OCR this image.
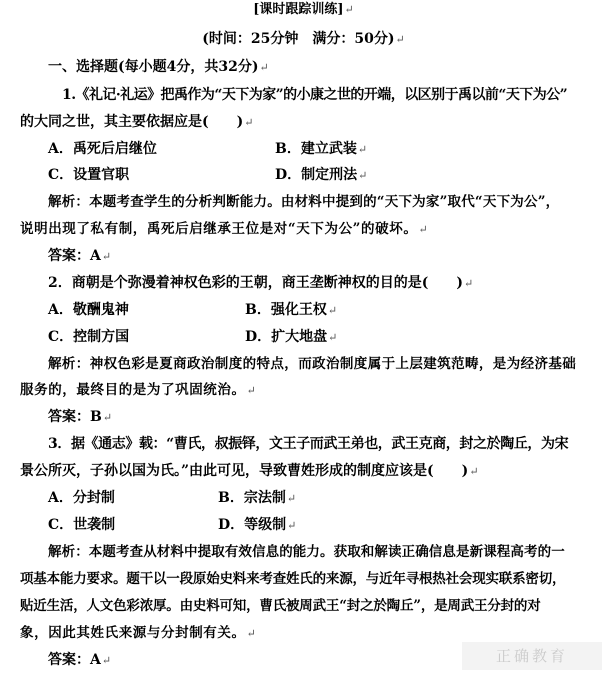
[课时跟踪训练]↵
(时间：25分钟　满分：50分)↵
一、选择题(每小题4分，共32分)↵
1.《礼记·礼运》把禹作为“天下为家”的小康之世的开端，以区别于禹以前“天下为公”
的大同之世，其主要依据应是(　　)↵
A．禹死后启继位	B．建立武装↵
C．设置官职	D．制定刑法↵
解析：本题考查学生的分析判断能力。由材料中提到的“天下为家”取代“天下为公”，
说明出现了私有制，禹死后启继承王位是对“天下为公”的破坏。↵
答案：A↵
2．商朝是个弥漫着神权色彩的王朝，商王垄断神权的目的是(　　)↵
A．敬酬鬼神	B．强化王权↵
C．控制方国	D．扩大地盘↵
解析：神权色彩是夏商政治制度的特点，而政治制度属于上层建筑范畴，是为经济基础
服务的，最终目的是为了巩固统治。↵
答案：B↵
3．据《通志》载：“曹氏，叔振铎，文王子而武王弟也，武王克商，封之於陶丘，为宋
景公所灭，子孙以国为氏。”由此可见，导致曹姓形成的制度应该是(　　)↵
A．分封制	B．宗法制↵
C．世袭制	D．等级制↵
解析：本题考查从材料中提取有效信息的能力。获取和解读正确信息是新课程高考的一
项基本能力要求。题干以一段原始史料来考查姓氏的来源，与近年寻根热社会现实联系密切，
贴近生活，人文色彩浓厚。由史料可知，曹氏被周武王“封之於陶丘”，是周武王分封的对
象，因此其姓氏来源与分封制有关。↵
答案：A↵	正确教育
